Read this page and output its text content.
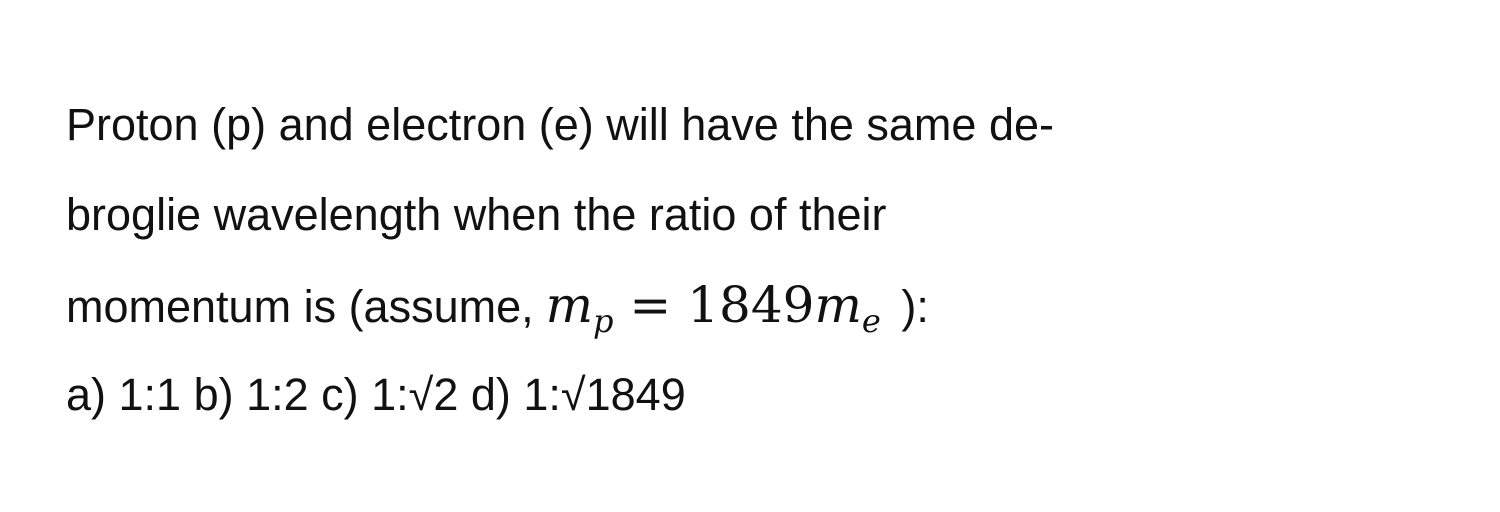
Proton (p) and electron (e) will have the same de-
broglie wavelength when the ratio of their
momentum is (assume, $m_p = 1849m_e$ ):
a) 1:1 b) 1:2 c) 1:√2 d) 1:√1849
